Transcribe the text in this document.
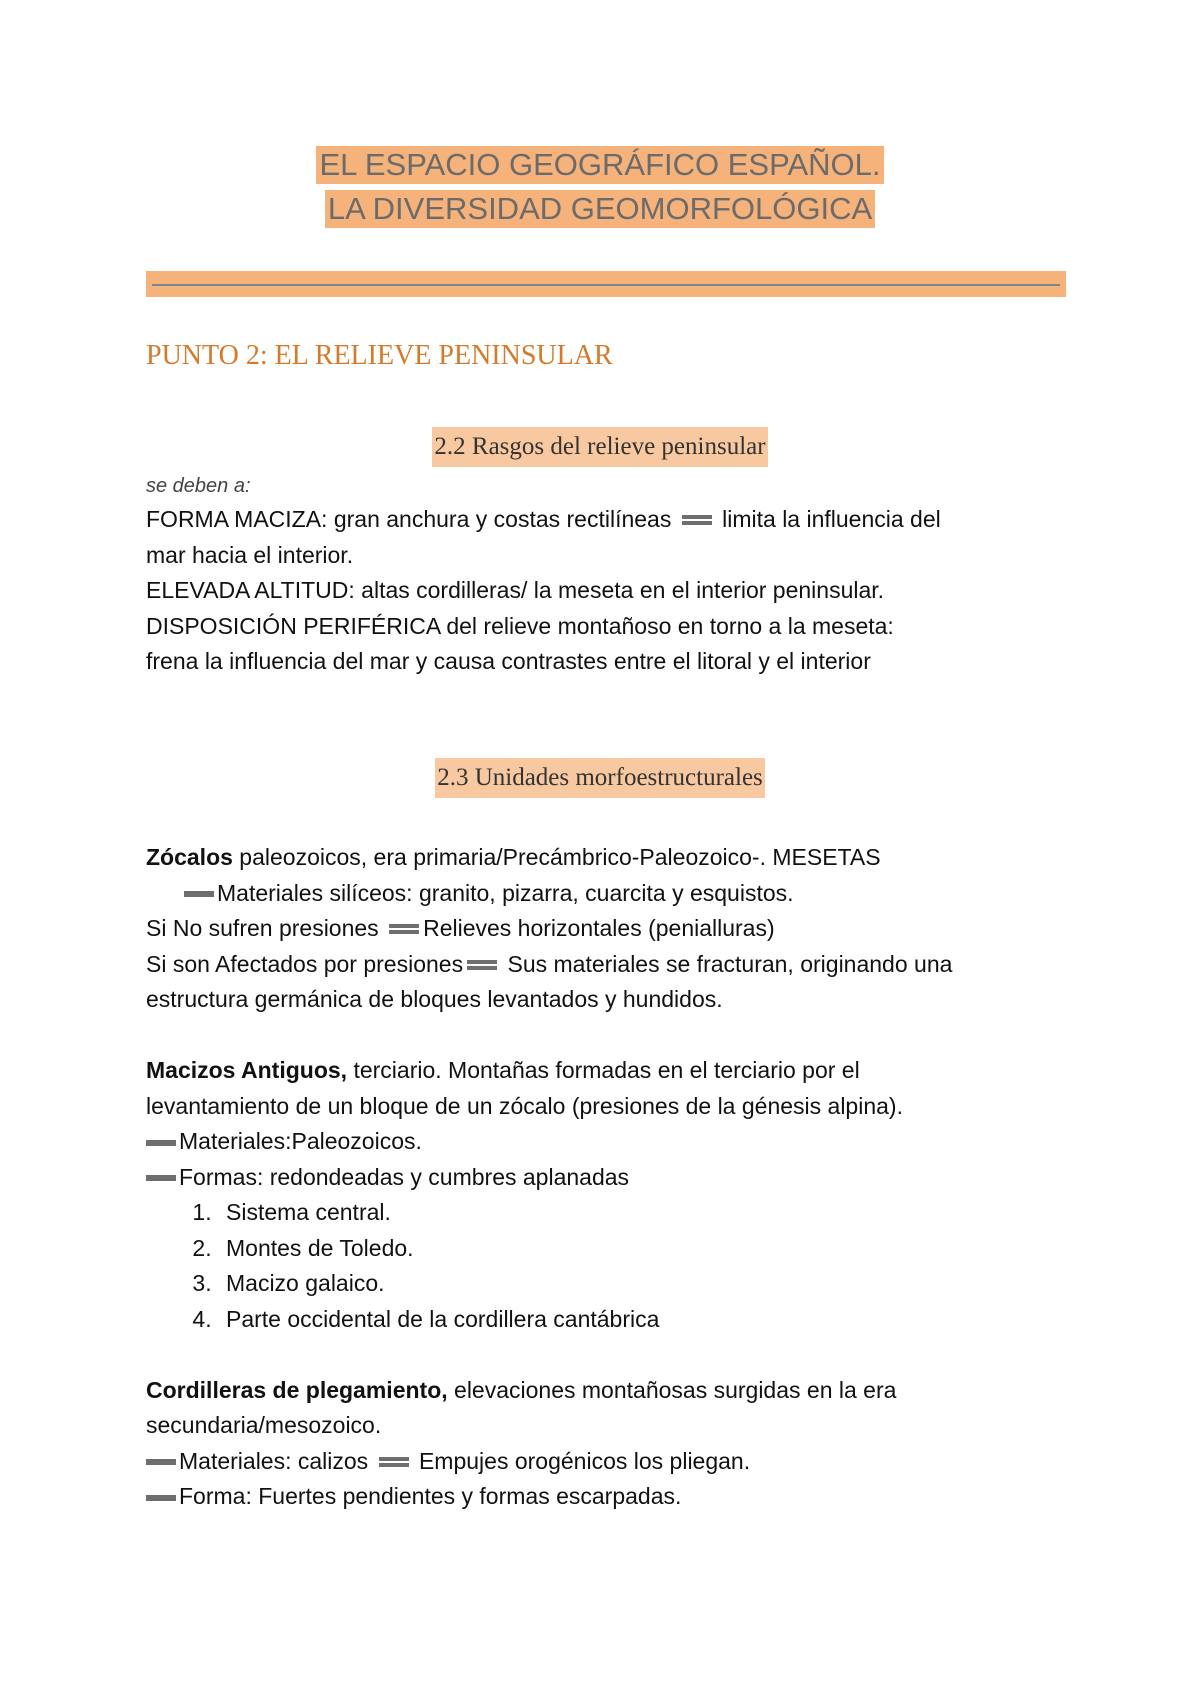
EL ESPACIO GEOGRÁFICO ESPAÑOL.
LA DIVERSIDAD GEOMORFOLÓGICA
PUNTO 2: EL RELIEVE PENINSULAR

2.2 Rasgos del relieve peninsular

se deben a:
FORMA MACIZA: gran anchura y costas rectilíneas limita la influencia del
mar hacia el interior.
ELEVADA ALTITUD: altas cordilleras/ la meseta en el interior peninsular.
DISPOSICIÓN PERIFÉRICA del relieve montañoso en torno a la meseta:
frena la influencia del mar y causa contrastes entre el litoral y el interior

2.3 Unidades morfoestructurales

Zócalos paleozoicos, era primaria/Precámbrico-Paleozoico-. MESETAS
Materiales silíceos: granito, pizarra, cuarcita y esquistos.
Si No sufren presiones Relieves horizontales (penialluras)
Si son Afectados por presiones Sus materiales se fracturan, originando una
estructura germánica de bloques levantados y hundidos.
Macizos Antiguos, terciario. Montañas formadas en el terciario por el
levantamiento de un bloque de un zócalo (presiones de la génesis alpina).
Materiales:Paleozoicos.
Formas: redondeadas y cumbres aplanadas
1. Sistema central.
2. Montes de Toledo.
3. Macizo galaico.
4. Parte occidental de la cordillera cantábrica
Cordilleras de plegamiento, elevaciones montañosas surgidas en la era
secundaria/mesozoico.
Materiales: calizos  Empujes orogénicos los pliegan.
Forma: Fuertes pendientes y formas escarpadas.
